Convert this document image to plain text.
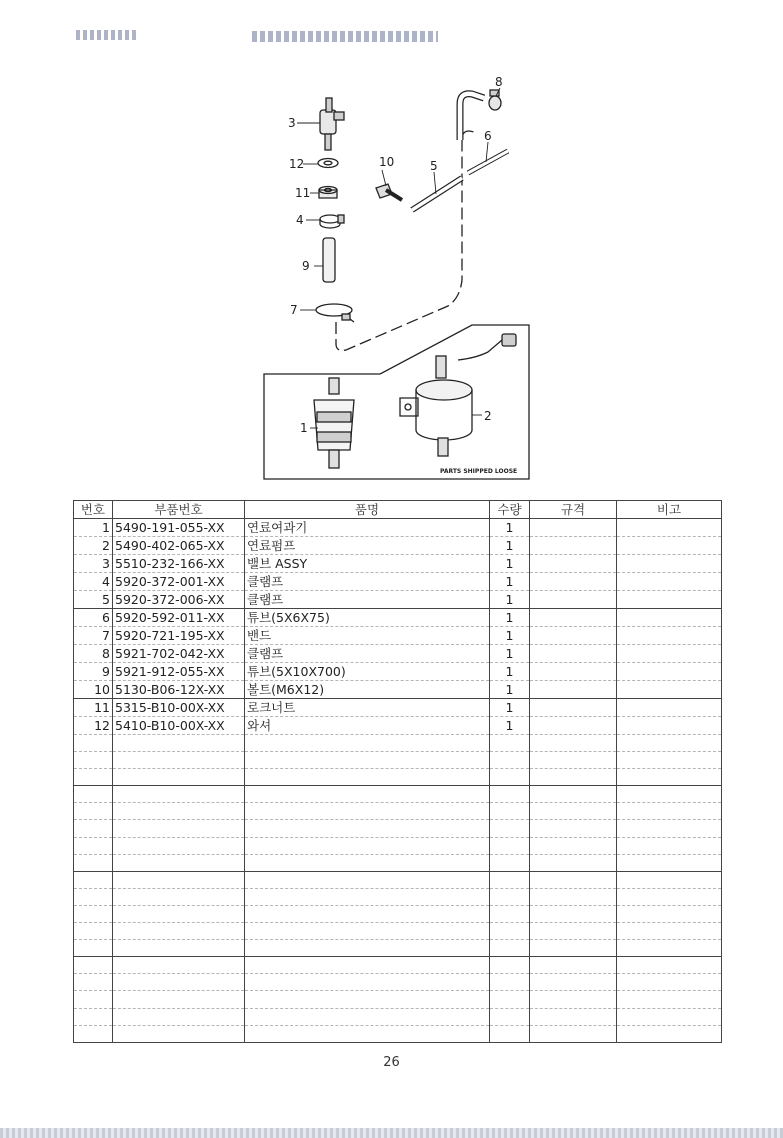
3
12
11
4
9
7
10	5
6
8
1
2
PARTS SHIPPED LOOSE
번호	부품번호	품명	수량	규격	비고
1	5490-191-055-XX	연료여과기	1		
2	5490-402-065-XX	연료펌프	1		
3	5510-232-166-XX	밸브 ASSY	1		
4	5920-372-001-XX	클램프	1		
5	5920-372-006-XX	클램프	1		
6	5920-592-011-XX	튜브(5X6X75)	1		
7	5920-721-195-XX	밴드	1		
8	5921-702-042-XX	클램프	1		
9	5921-912-055-XX	튜브(5X10X700)	1		
10	5130-B06-12X-XX	볼트(M6X12)	1		
11	5315-B10-00X-XX	로크너트	1		
12	5410-B10-00X-XX	와셔	1		

26
